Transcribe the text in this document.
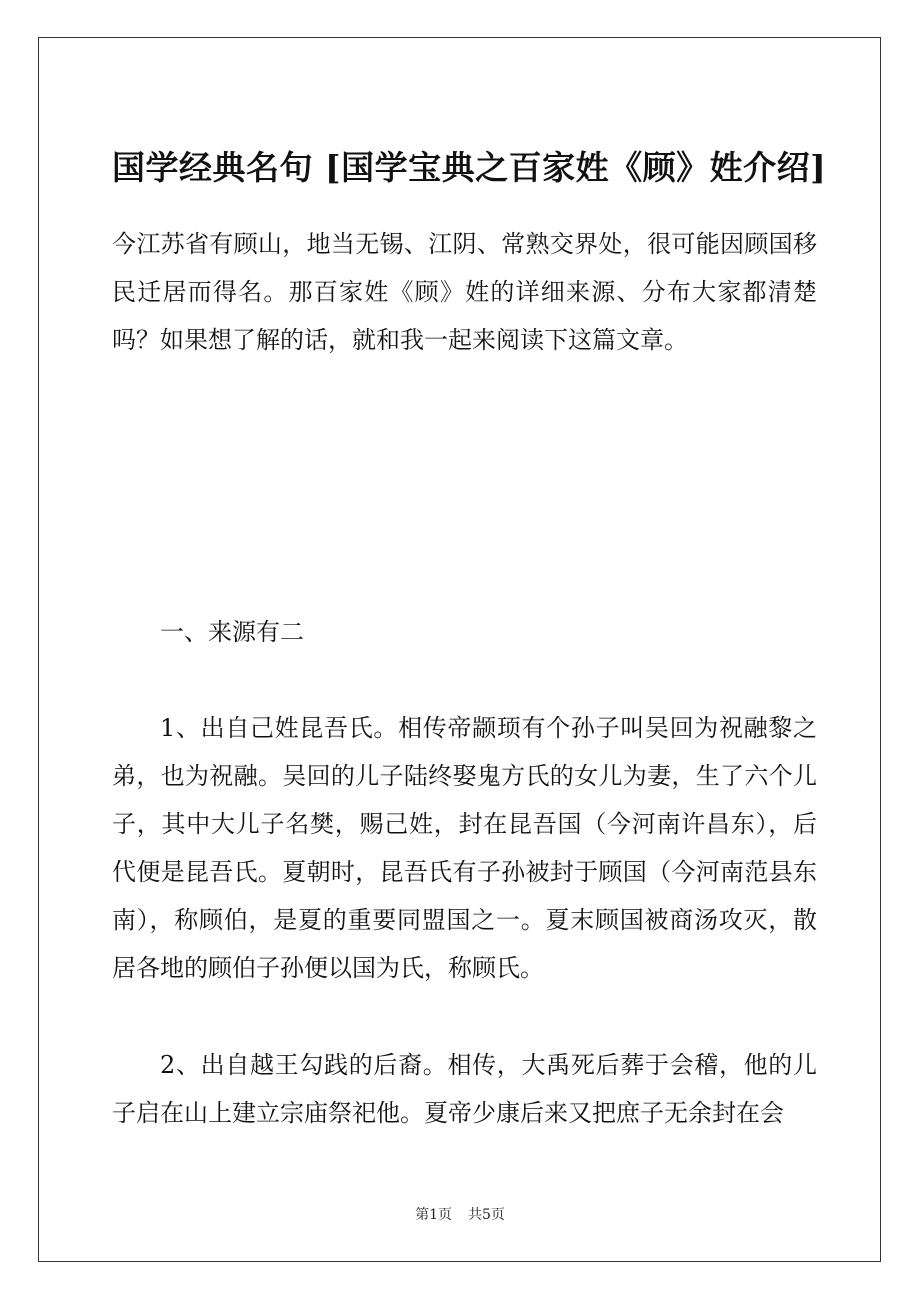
国学经典名句 [国学宝典之百家姓《顾》姓介绍]

今江苏省有顾山，地当无锡、江阴、常熟交界处，很可能因顾国移民迁居而得名。那百家姓《顾》姓的详细来源、分布大家都清楚吗？如果想了解的话，就和我一起来阅读下这篇文章。

一、来源有二

1、出自己姓昆吾氏。相传帝颛顼有个孙子叫吴回为祝融黎之弟，也为祝融。吴回的儿子陆终娶鬼方氏的女儿为妻，生了六个儿子，其中大儿子名樊，赐己姓，封在昆吾国（今河南许昌东），后代便是昆吾氏。夏朝时，昆吾氏有子孙被封于顾国（今河南范县东南），称顾伯，是夏的重要同盟国之一。夏末顾国被商汤攻灭，散居各地的顾伯子孙便以国为氏，称顾氏。

2、出自越王勾践的后裔。相传，大禹死后葬于会稽，他的儿子启在山上建立宗庙祭祀他。夏帝少康后来又把庶子无余封在会

第1页 共5页
